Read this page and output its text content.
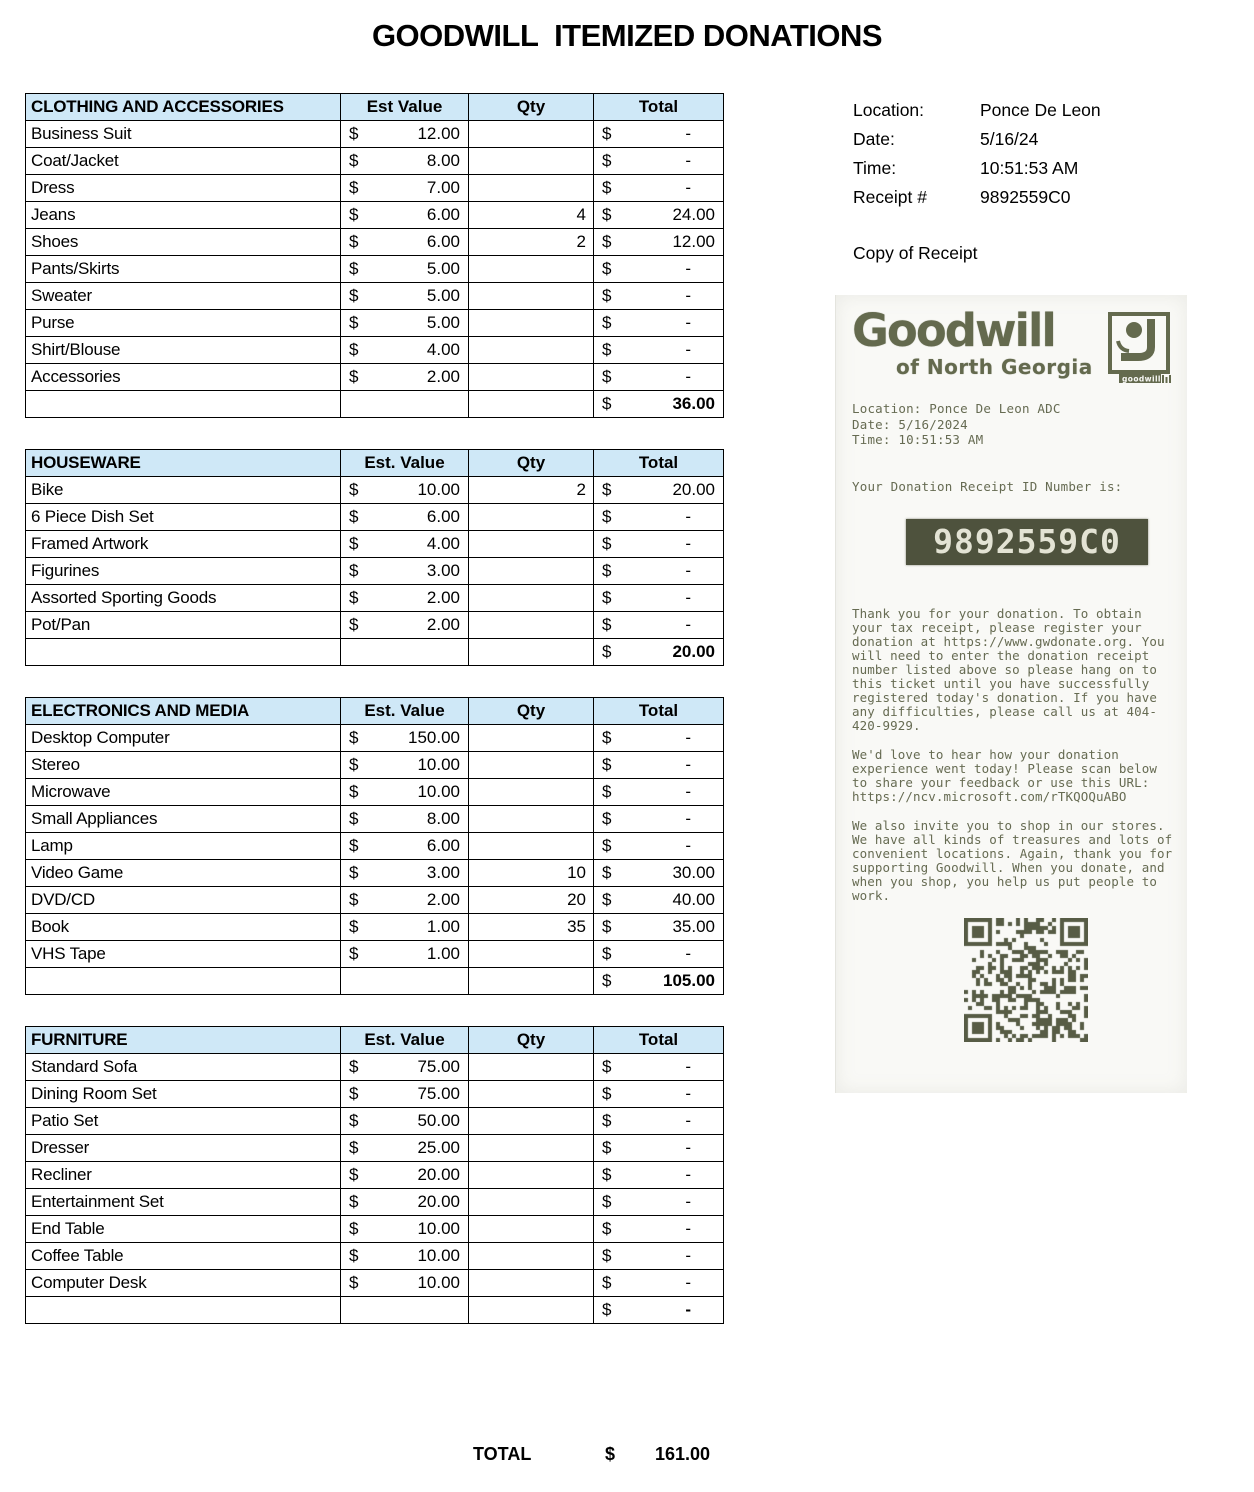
GOODWILL  ITEMIZED DONATIONS
CLOTHING AND ACCESSORIES	Est Value	Qty	Total
Business Suit	$ 12.00		$ -

Coat/Jacket	$ 8.00		$ -

Dress	$ 7.00		$ -

Jeans	$ 6.00	4	$ 24.00

Shoes	$ 6.00	2	$ 12.00

Pants/Skirts	$ 5.00		$ -

Sweater	$ 5.00		$ -

Purse	$ 5.00		$ -

Shirt/Blouse	$ 4.00		$ -

Accessories	$ 2.00		$ -

			$ 36.00
HOUSEWARE	Est. Value	Qty	Total
Bike	$ 10.00	2	$ 20.00

6 Piece Dish Set	$ 6.00		$ -

Framed Artwork	$ 4.00		$ -

Figurines	$ 3.00		$ -

Assorted Sporting Goods	$ 2.00		$ -

Pot/Pan	$ 2.00		$ -

			$ 20.00
ELECTRONICS AND MEDIA	Est. Value	Qty	Total
Desktop Computer	$ 150.00		$ -

Stereo	$ 10.00		$ -

Microwave	$ 10.00		$ -

Small Appliances	$ 8.00		$ -

Lamp	$ 6.00		$ -

Video Game	$ 3.00	10	$ 30.00

DVD/CD	$ 2.00	20	$ 40.00

Book	$ 1.00	35	$ 35.00

VHS Tape	$ 1.00		$ -

			$ 105.00
FURNITURE	Est. Value	Qty	Total
Standard Sofa	$ 75.00		$ -

Dining Room Set	$ 75.00		$ -

Patio Set	$ 50.00		$ -

Dresser	$ 25.00		$ -

Recliner	$ 20.00		$ -

Entertainment Set	$ 20.00		$ -

End Table	$ 10.00		$ -

Coffee Table	$ 10.00		$ -

Computer Desk	$ 10.00		$ -

			$ -
TOTAL	$ 161.00
Location:	Ponce De Leon
Date:	5/16/24
Time:	10:51:53 AM
Receipt #	9892559C0
Copy of Receipt
Goodwill
of North Georgia	goodwill
Location: Ponce De Leon ADC
Date: 5/16/2024
Time: 10:51:53 AM
Your Donation Receipt ID Number is:
9892559C0

Thank you for your donation. To obtain your tax receipt, please register your donation at https://www.gwdonate.org. You will need to enter the donation receipt number listed above so please hang on to this ticket until you have successfully registered today's donation. If you have any difficulties, please call us at 404-420-9929.

We'd love to hear how your donation experience went today! Please scan below to share your feedback or use this URL: https://ncv.microsoft.com/rTKQOQuABO

We also invite you to shop in our stores. We have all kinds of treasures and lots of convenient locations. Again, thank you for supporting Goodwill. When you donate, and when you shop, you help us put people to work.
